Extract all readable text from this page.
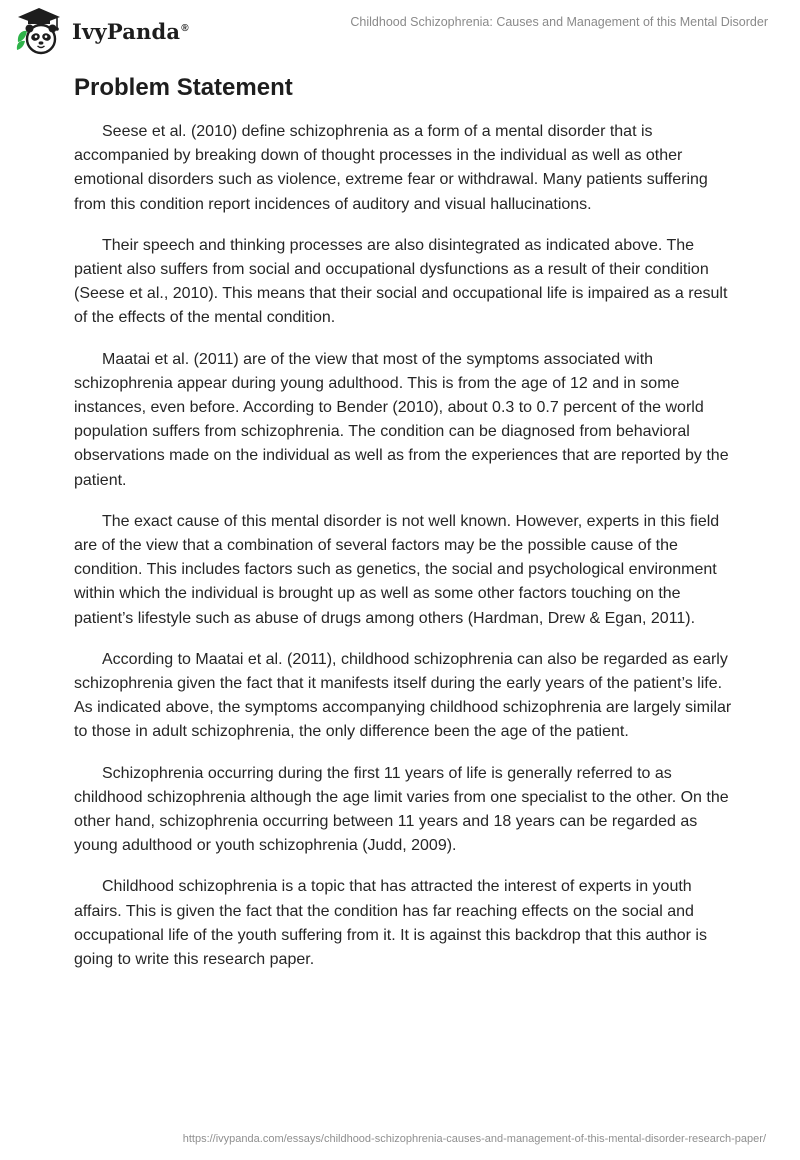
IvyPanda®	Childhood Schizophrenia: Causes and Management of this Mental Disorder
Problem Statement

Seese et al. (2010) define schizophrenia as a form of a mental disorder that is accompanied by breaking down of thought processes in the individual as well as other emotional disorders such as violence, extreme fear or withdrawal. Many patients suffering from this condition report incidences of auditory and visual hallucinations.

Their speech and thinking processes are also disintegrated as indicated above. The patient also suffers from social and occupational dysfunctions as a result of their condition (Seese et al., 2010). This means that their social and occupational life is impaired as a result of the effects of the mental condition.

Maatai et al. (2011) are of the view that most of the symptoms associated with schizophrenia appear during young adulthood. This is from the age of 12 and in some instances, even before. According to Bender (2010), about 0.3 to 0.7 percent of the world population suffers from schizophrenia. The condition can be diagnosed from behavioral observations made on the individual as well as from the experiences that are reported by the patient.

The exact cause of this mental disorder is not well known. However, experts in this field are of the view that a combination of several factors may be the possible cause of the condition. This includes factors such as genetics, the social and psychological environment within which the individual is brought up as well as some other factors touching on the patient’s lifestyle such as abuse of drugs among others (Hardman, Drew & Egan, 2011).

According to Maatai et al. (2011), childhood schizophrenia can also be regarded as early schizophrenia given the fact that it manifests itself during the early years of the patient’s life. As indicated above, the symptoms accompanying childhood schizophrenia are largely similar to those in adult schizophrenia, the only difference been the age of the patient.

Schizophrenia occurring during the first 11 years of life is generally referred to as childhood schizophrenia although the age limit varies from one specialist to the other. On the other hand, schizophrenia occurring between 11 years and 18 years can be regarded as young adulthood or youth schizophrenia (Judd, 2009).

Childhood schizophrenia is a topic that has attracted the interest of experts in youth affairs. This is given the fact that the condition has far reaching effects on the social and occupational life of the youth suffering from it. It is against this backdrop that this author is going to write this research paper.

https://ivypanda.com/essays/childhood-schizophrenia-causes-and-management-of-this-mental-disorder-research-paper/
